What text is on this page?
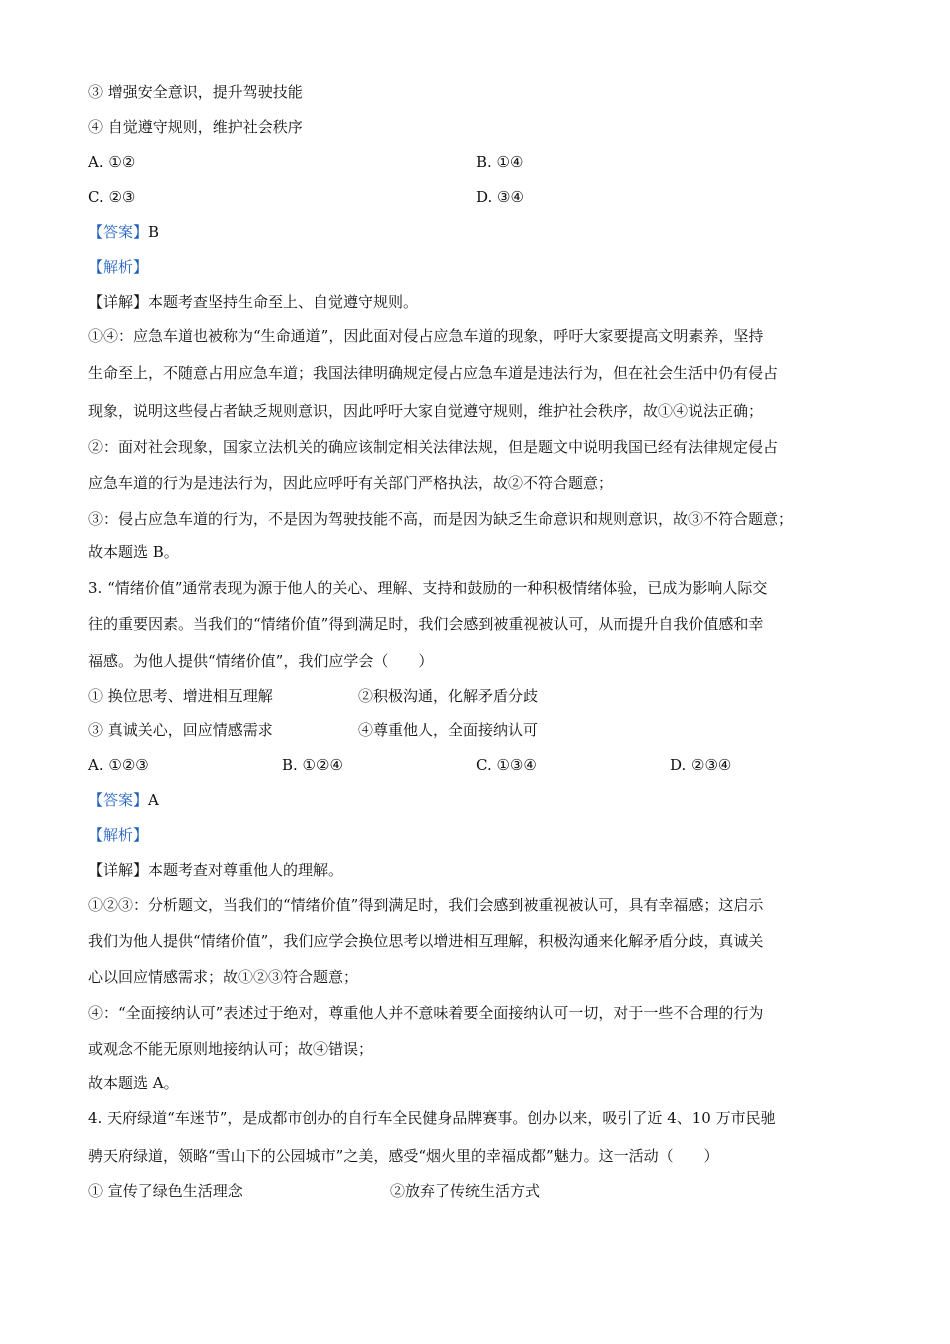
③ 增强安全意识，提升驾驶技能
④ 自觉遵守规则，维护社会秩序
A. ①②	B. ①④
C. ②③	D. ③④
【答案】B
【解析】
【详解】本题考查坚持生命至上、自觉遵守规则。
①④：应急车道也被称为“生命通道”，因此面对侵占应急车道的现象，呼吁大家要提高文明素养，坚持
生命至上，不随意占用应急车道；我国法律明确规定侵占应急车道是违法行为，但在社会生活中仍有侵占
现象，说明这些侵占者缺乏规则意识，因此呼吁大家自觉遵守规则，维护社会秩序，故①④说法正确；
②：面对社会现象，国家立法机关的确应该制定相关法律法规，但是题文中说明我国已经有法律规定侵占
应急车道的行为是违法行为，因此应呼吁有关部门严格执法，故②不符合题意；
③：侵占应急车道的行为，不是因为驾驶技能不高，而是因为缺乏生命意识和规则意识，故③不符合题意；
故本题选 B。
3. “情绪价值”通常表现为源于他人的关心、理解、支持和鼓励的一种积极情绪体验，已成为影响人际交
往的重要因素。当我们的“情绪价值”得到满足时，我们会感到被重视被认可，从而提升自我价值感和幸
福感。为他人提供“情绪价值”，我们应学会（　　）
① 换位思考、增进相互理解	②积极沟通，化解矛盾分歧
③ 真诚关心，回应情感需求	④尊重他人，全面接纳认可
A. ①②③	B. ①②④	C. ①③④	D. ②③④
【答案】A
【解析】
【详解】本题考查对尊重他人的理解。
①②③：分析题文，当我们的“情绪价值”得到满足时，我们会感到被重视被认可，具有幸福感；这启示
我们为他人提供“情绪价值”，我们应学会换位思考以增进相互理解，积极沟通来化解矛盾分歧，真诚关
心以回应情感需求；故①②③符合题意；
④：“全面接纳认可”表述过于绝对，尊重他人并不意味着要全面接纳认可一切，对于一些不合理的行为
或观念不能无原则地接纳认可；故④错误；
故本题选 A。
4. 天府绿道“车迷节”，是成都市创办的自行车全民健身品牌赛事。创办以来，吸引了近 4、10 万市民驰
骋天府绿道，领略“雪山下的公园城市”之美，感受“烟火里的幸福成都”魅力。这一活动（　　）
① 宣传了绿色生活理念	②放弃了传统生活方式
